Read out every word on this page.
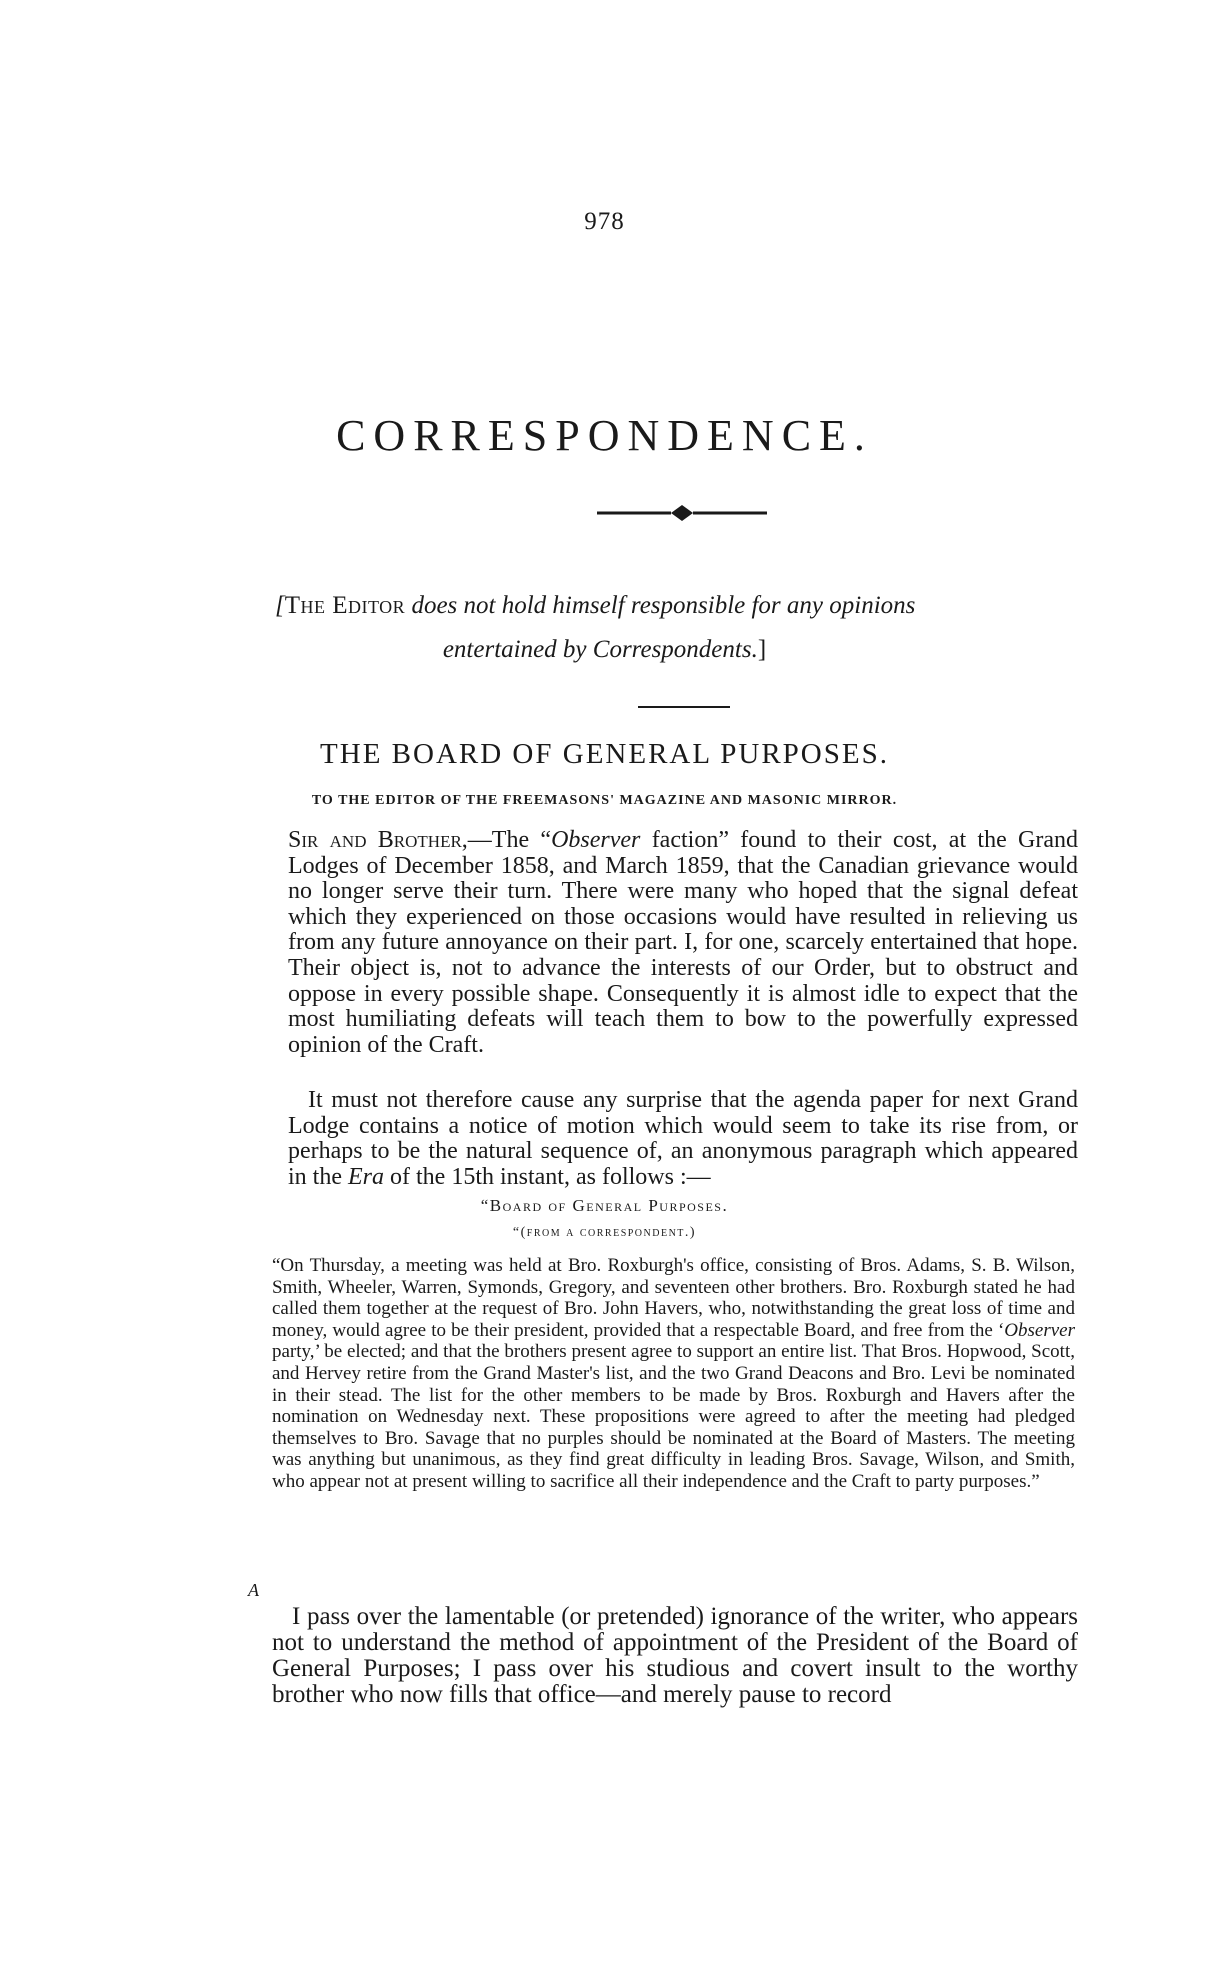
978
CORRESPONDENCE.
[The Editor does not hold himself responsible for any opinions
entertained by Correspondents.]
THE BOARD OF GENERAL PURPOSES.
TO THE EDITOR OF THE FREEMASONS' MAGAZINE AND MASONIC MIRROR.

Sir and Brother,—The “Observer faction” found to their cost, at the Grand Lodges of December 1858, and March 1859, that the Canadian grievance would no longer serve their turn. There were many who hoped that the signal defeat which they experienced on those occasions would have resulted in relieving us from any future annoyance on their part. I, for one, scarcely entertained that hope. Their object is, not to advance the interests of our Order, but to obstruct and oppose in every possible shape. Consequently it is almost idle to expect that the most humiliating defeats will teach them to bow to the powerfully expressed opinion of the Craft.

It must not therefore cause any surprise that the agenda paper for next Grand Lodge contains a notice of motion which would seem to take its rise from, or perhaps to be the natural sequence of, an anonymous paragraph which appeared in the Era of the 15th instant, as follows :—

“Board of General Purposes.
“(from a correspondent.)
“On Thursday, a meeting was held at Bro. Roxburgh's office, consisting of Bros. Adams, S. B. Wilson, Smith, Wheeler, Warren, Symonds, Gregory, and seventeen other brothers. Bro. Roxburgh stated he had called them together at the request of Bro. John Havers, who, notwithstanding the great loss of time and money, would agree to be their president, provided that a respectable Board, and free from the ‘Observer party,’ be elected; and that the brothers present agree to support an entire list. That Bros. Hopwood, Scott, and Hervey retire from the Grand Master's list, and the two Grand Deacons and Bro. Levi be nominated in their stead. The list for the other members to be made by Bros. Roxburgh and Havers after the nomination on Wednesday next. These propositions were agreed to after the meeting had pledged themselves to Bro. Savage that no purples should be nominated at the Board of Masters. The meeting was anything but unanimous, as they find great difficulty in leading Bros. Savage, Wilson, and Smith, who appear not at present willing to sacrifice all their independence and the Craft to party purposes.”
A

I pass over the lamentable (or pretended) ignorance of the writer, who appears not to understand the method of appointment of the President of the Board of General Purposes; I pass over his studious and covert insult to the worthy brother who now fills that office—and merely pause to record
